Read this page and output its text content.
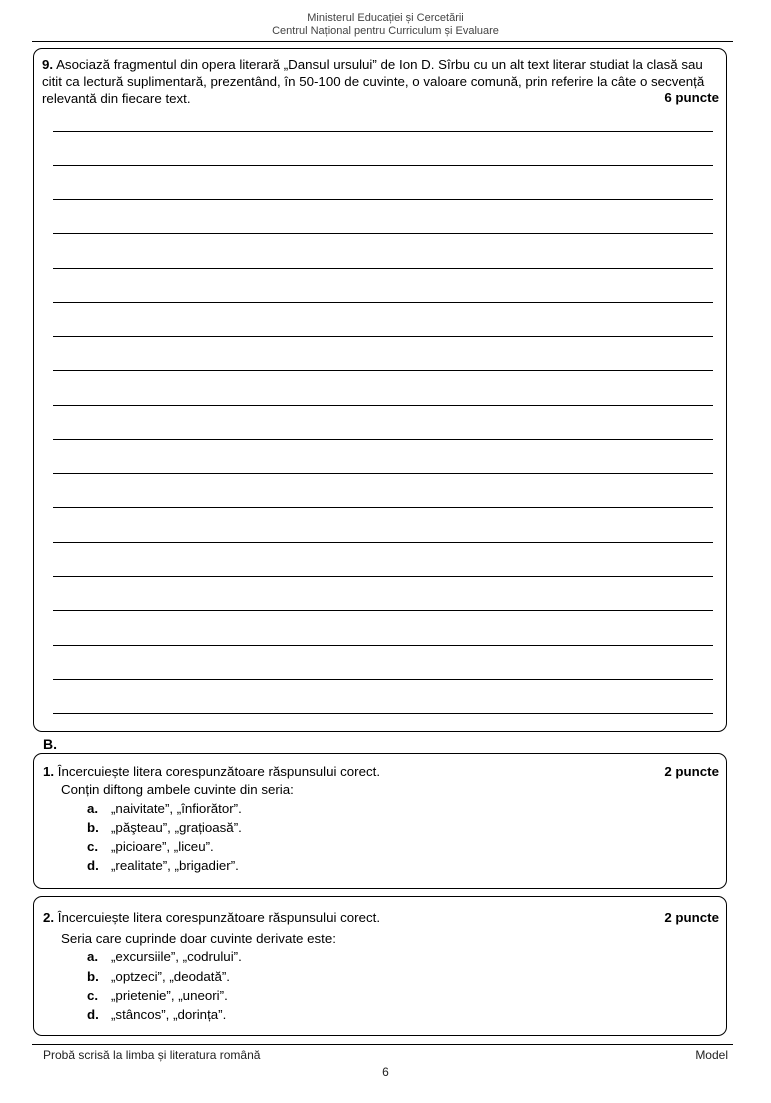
Ministerul Educației și Cercetării
Centrul Național pentru Curriculum și Evaluare
9. Asociază fragmentul din opera literară „Dansul ursului” de Ion D. Sîrbu cu un alt text literar studiat la clasă sau citit ca lectură suplimentară, prezentând, în 50-100 de cuvinte, o valoare comună, prin referire la câte o secvență relevantă din fiecare text.	6 puncte
B.
1. Încercuiește litera corespunzătoare răspunsului corect.	2 puncte
Conțin diftong ambele cuvinte din seria:
a. „naivitate”, „înfiorător”.
b. „păşteau”, „grațioasă”.
c. „picioare”, „liceu”.
d. „realitate”, „brigadier”.
2. Încercuiește litera corespunzătoare răspunsului corect.	2 puncte
Seria care cuprinde doar cuvinte derivate este:
a. „excursiile”, „codrului”.
b. „optzeci”, „deodată”.
c. „prietenie”, „uneori”.
d. „stâncos”, „dorința”.
Probă scrisă la limba și literatura română	Model
6
